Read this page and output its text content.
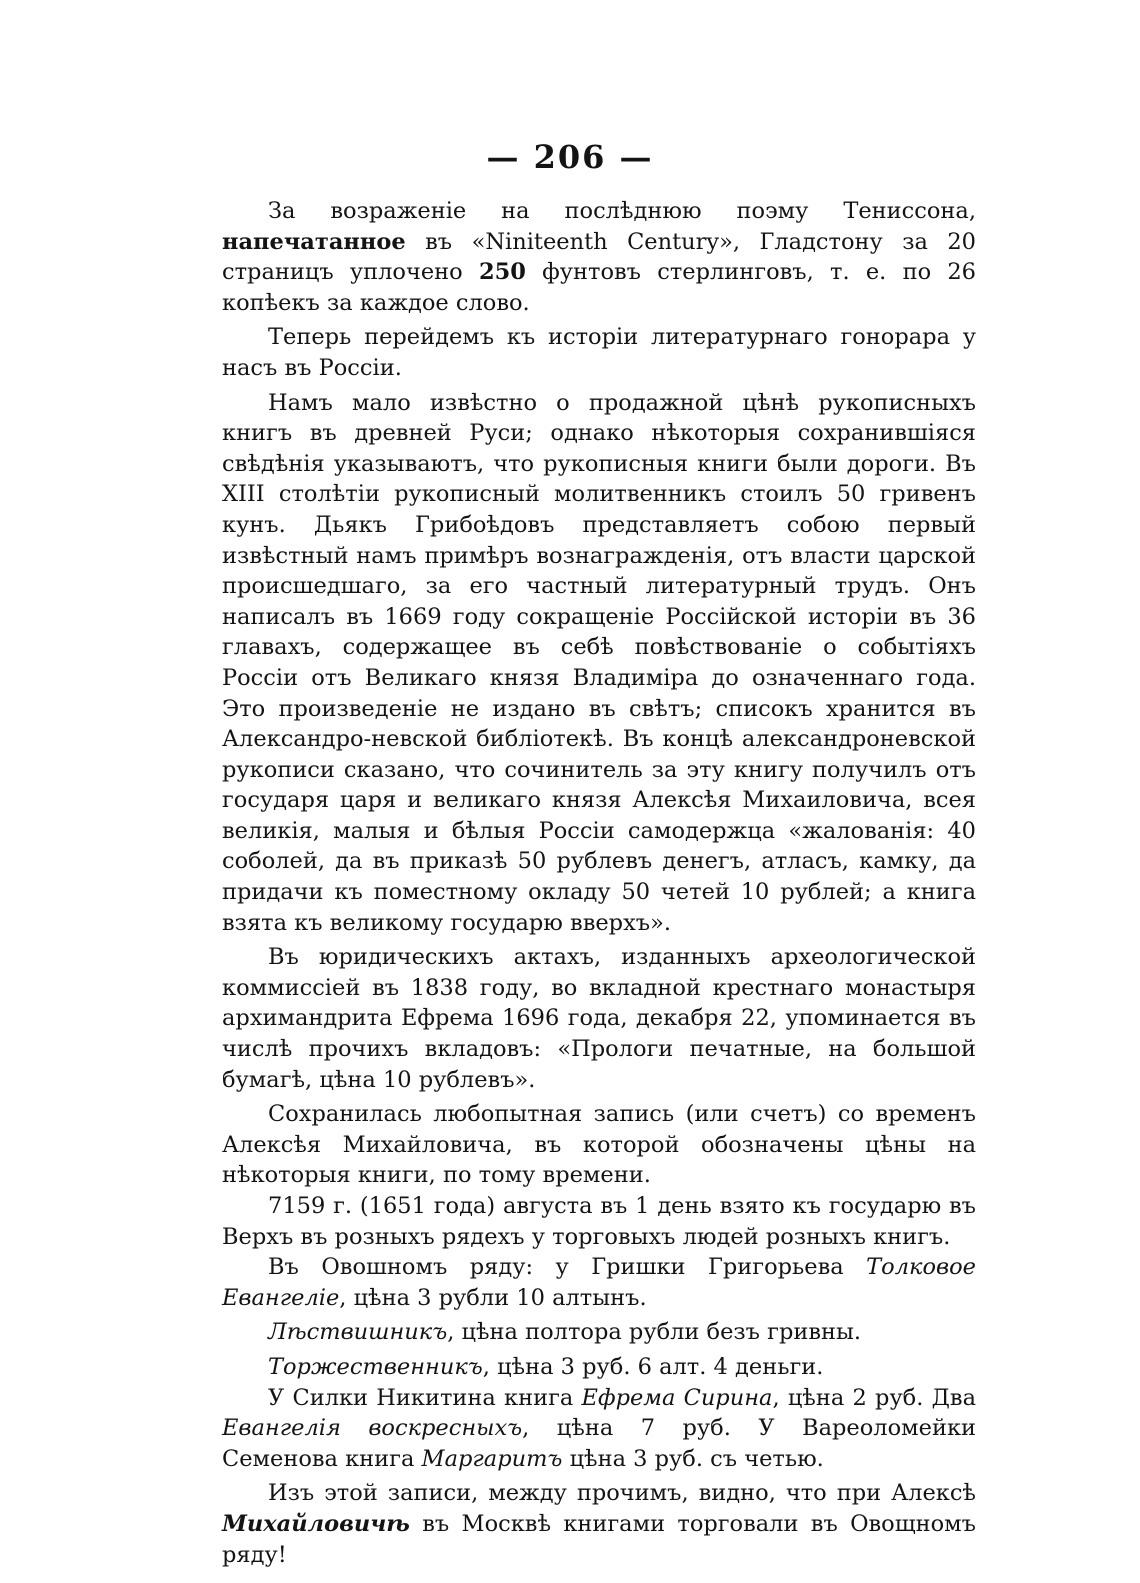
— 206 —

За возраженіе на послѣднюю поэму Тениссона, напечатанное въ «Niniteenth Century», Гладстону за 20 страницъ уплочено 250 фунтовъ стерлинговъ, т. е. по 26 копѣекъ за каждое слово.

Теперь перейдемъ къ исторіи литературнаго гонорара у насъ въ Россіи.

Намъ мало извѣстно о продажной цѣнѣ рукописныхъ книгъ въ древней Руси; однако нѣкоторыя сохранившіяся свѣдѣнія указываютъ, что рукописныя книги были дороги. Въ XIII столѣтіи рукописный молитвенникъ стоилъ 50 гривенъ кунъ. Дьякъ Грибоѣдовъ представляетъ собою первый извѣстный намъ примѣръ вознагражденія, отъ власти царской происшедшаго, за его частный литературный трудъ. Онъ написалъ въ 1669 году сокращеніе Россійской исторіи въ 36 главахъ, содержащее въ себѣ повѣствованіе о событіяхъ Россіи отъ Великаго князя Владиміра до означеннаго года. Это произведеніе не издано въ свѣтъ; списокъ хранится въ Александро-невской библіотекѣ. Въ концѣ александроневской рукописи сказано, что сочинитель за эту книгу получилъ отъ государя царя и великаго князя Алексѣя Михаиловича, всея великія, малыя и бѣлыя Россіи самодержца «жалованія: 40 соболей, да въ приказѣ 50 рублевъ денегъ, атласъ, камку, да придачи къ поместному окладу 50 четей 10 рублей; а книга взята къ великому государю вверхъ».

Въ юридическихъ актахъ, изданныхъ археологической коммиссіей въ 1838 году, во вкладной крестнаго монастыря архимандрита Ефрема 1696 года, декабря 22, упоминается въ числѣ прочихъ вкладовъ: «Прологи печатные, на большой бумагѣ, цѣна 10 рублевъ».

Сохранилась любопытная запись (или счетъ) со временъ Алексѣя Михайловича, въ которой обозначены цѣны на нѣкоторыя книги, по тому времени.

7159 г. (1651 года) августа въ 1 день взято къ государю въ Верхъ въ розныхъ рядехъ у торговыхъ людей розныхъ книгъ.

Въ Овошномъ ряду: у Гришки Григорьева Толковое Евангеліе, цѣна 3 рубли 10 алтынъ.

Лѣствишникъ, цѣна полтора рубли безъ гривны.

Торжественникъ, цѣна 3 руб. 6 алт. 4 деньги.

У Силки Никитина книга Ефрема Сирина, цѣна 2 руб. Два Евангелія воскресныхъ, цѣна 7 руб. У Вареоломейки Семенова книга Маргаритъ цѣна 3 руб. съ четью.

Изъ этой записи, между прочимъ, видно, что при Алексѣ Михайловичѣ въ Москвѣ книгами торговали въ Овощномъ ряду!
